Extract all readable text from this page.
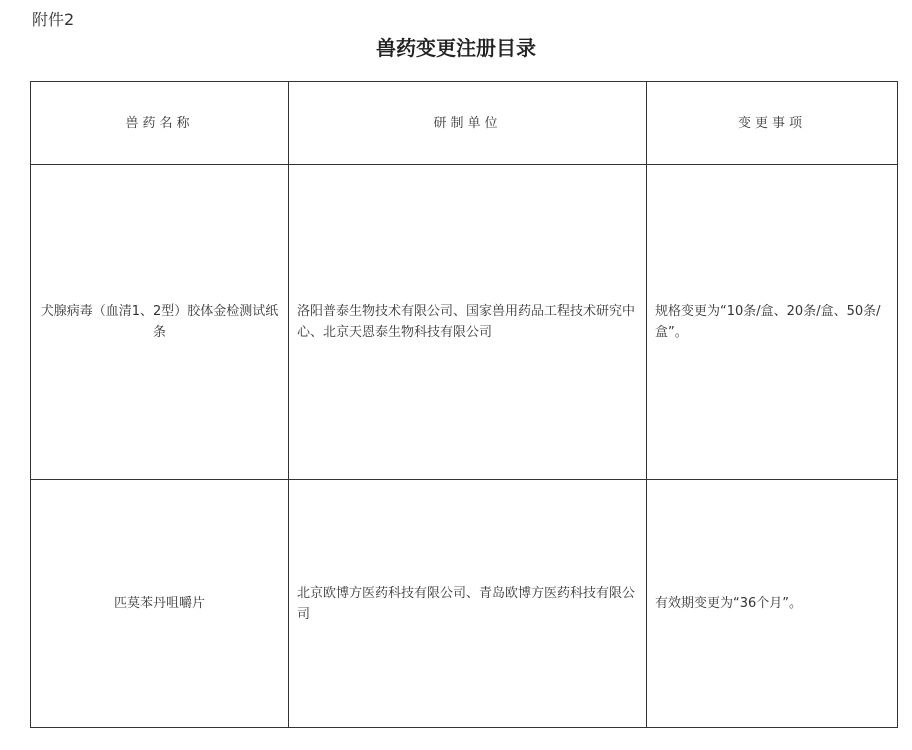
附件2
兽药变更注册目录
兽药名称	研制单位	变更事项
犬腺病毒（血清1、2型）胶体金检测试纸条	洛阳普泰生物技术有限公司、国家兽用药品工程技术研究中心、北京天恩泰生物科技有限公司	规格变更为“10条/盒、20条/盒、50条/盒”。
匹莫苯丹咀嚼片	北京欧博方医药科技有限公司、青岛欧博方医药科技有限公司	有效期变更为“36个月”。
